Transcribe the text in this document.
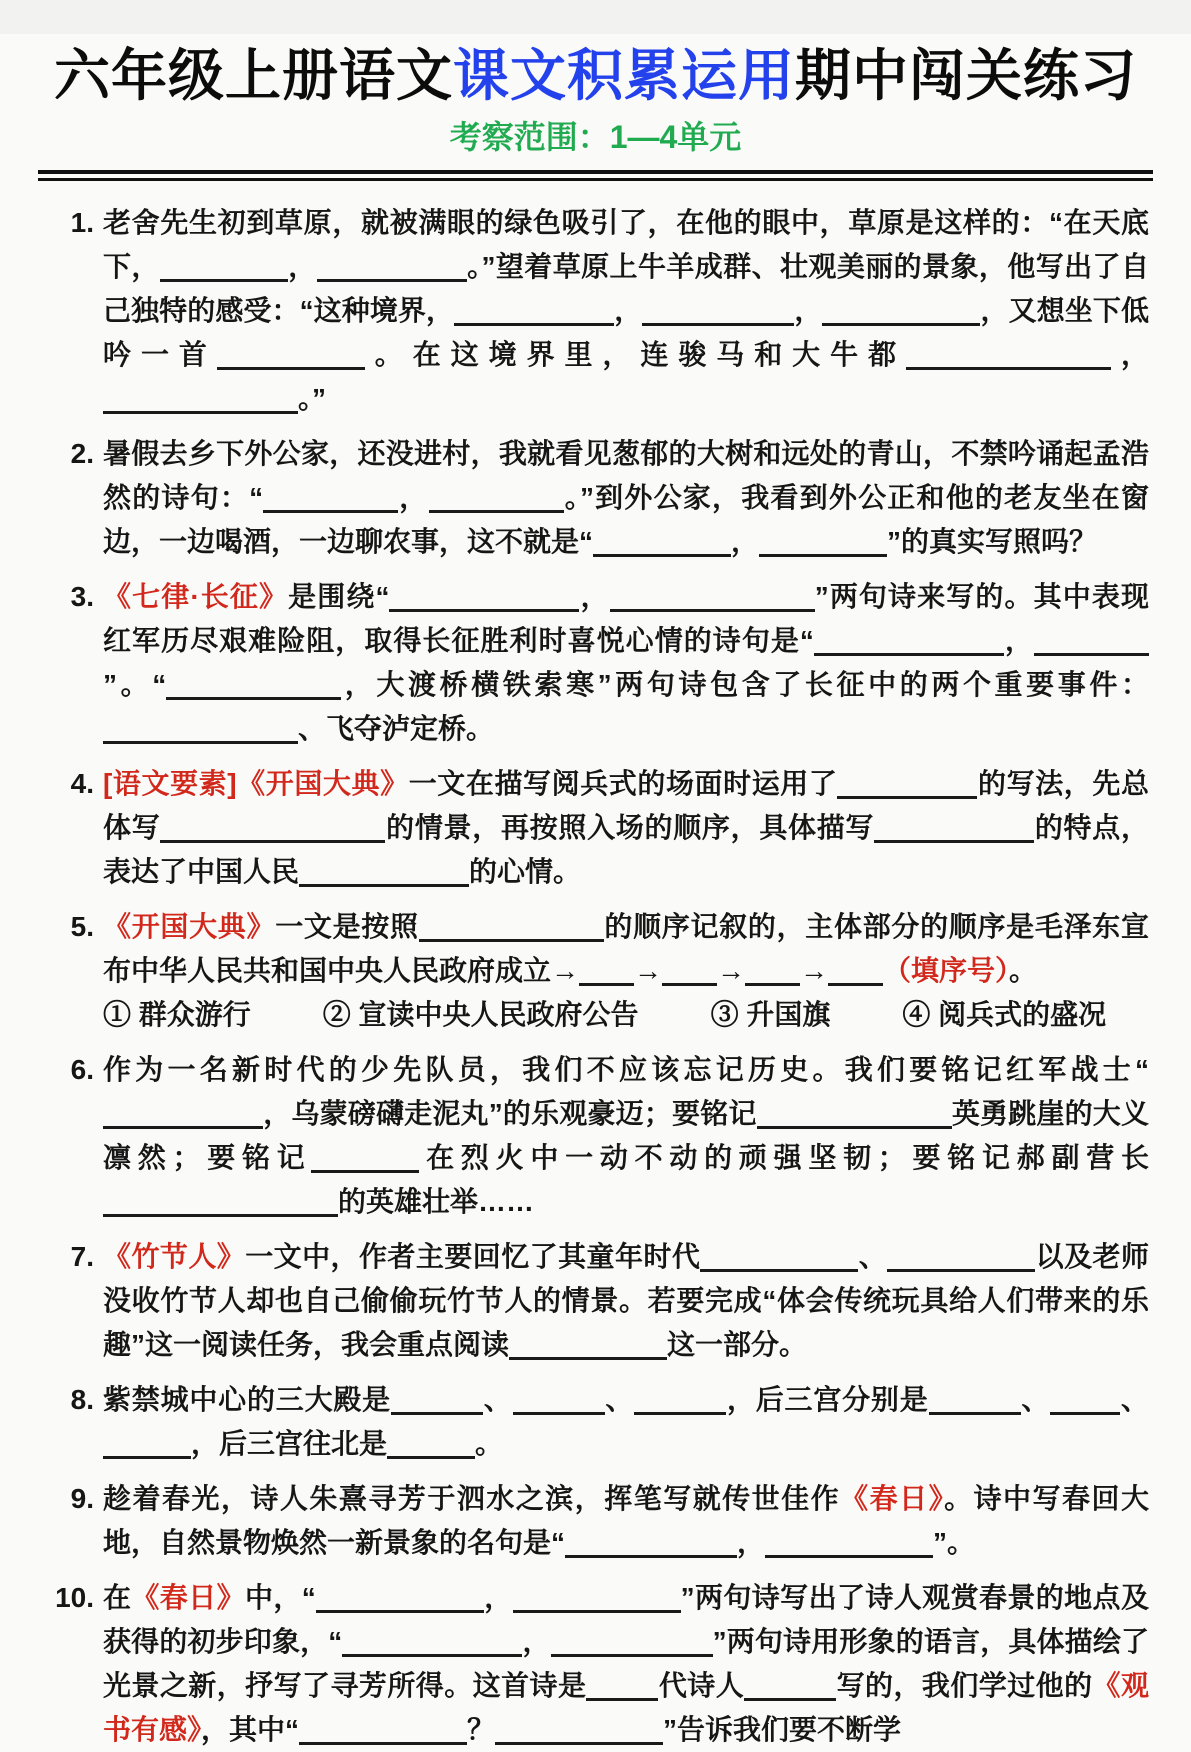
六年级上册语文课文积累运用期中闯关练习
考察范围：1—4单元
1. 老舍先生初到草原，就被满眼的绿色吸引了，在他的眼中，草原是这样的：“在天底下，	，	。”望着草原上牛羊成群、壮观美丽的景象，他写出了自己独特的感受：“这种境界，	，	，	，又想坐下低吟一首	。在这境界里，连骏马和大牛都	，。”
2. 暑假去乡下外公家，还没进村，我就看见葱郁的大树和远处的青山，不禁吟诵起孟浩然的诗句：“	，	。”到外公家，我看到外公正和他的老友坐在窗边，一边喝酒，一边聊农事，这不就是“	，	”的真实写照吗？
3. 《七律·长征》是围绕“	，	”两句诗来写的。其中表现红军历尽艰难险阻，取得长征胜利时喜悦心情的诗句是“	，”。“	，大渡桥横铁索寒”两句诗包含了长征中的两个重要事件：、飞夺泸定桥。
4. [语文要素]《开国大典》一文在描写阅兵式的场面时运用了	的写法，先总体写	的情景，再按照入场的顺序，具体描写	的特点，表达了中国人民	的心情。
5. 《开国大典》一文是按照	的顺序记叙的，主体部分的顺序是毛泽东宣布中华人民共和国中央人民政府成立→ → → → （填序号）。
① 群众游行	② 宣读中央人民政府公告	③ 升国旗	④ 阅兵式的盛况
6. 作为一名新时代的少先队员，我们不应该忘记历史。我们要铭记红军战士“，乌蒙磅礴走泥丸”的乐观豪迈；要铭记	英勇跳崖的大义凛然；要铭记	在烈火中一动不动的顽强坚韧；要铭记郝副营长的英雄壮举……
7. 《竹节人》一文中，作者主要回忆了其童年时代	、	以及老师没收竹节人却也自己偷偷玩竹节人的情景。若要完成“体会传统玩具给人们带来的乐趣”这一阅读任务，我会重点阅读	这一部分。
8. 紫禁城中心的三大殿是	、	、	，后三宫分别是	、	、，后三宫往北是	。
9. 趁着春光，诗人朱熹寻芳于泗水之滨，挥笔写就传世佳作《春日》。诗中写春回大地，自然景物焕然一新景象的名句是“	，	”。
10. 在《春日》中，“	，	”两句诗写出了诗人观赏春景的地点及获得的初步印象，“	，	”两句诗用形象的语言，具体描绘了光景之新，抒写了寻芳所得。这首诗是	代诗人	写的，我们学过他的《观书有感》，其中“	？	”告诉我们要不断学
